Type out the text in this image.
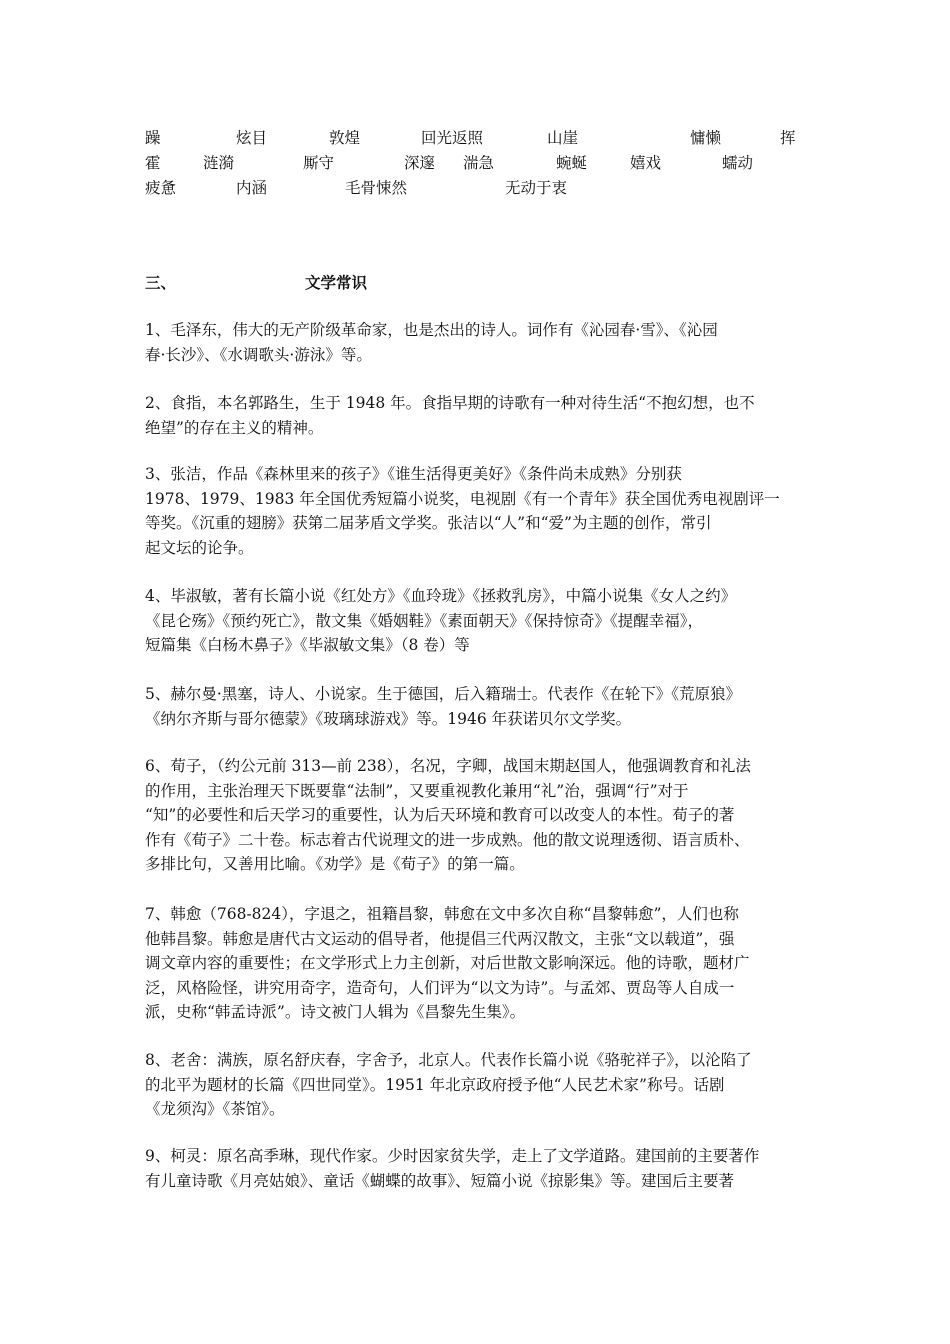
躁	炫目	敦煌	回光返照	山崖	慵懒	挥
霍	涟漪	厮守	深邃 湍急	蜿蜒	嬉戏	蠕动
疲惫	内涵	毛骨悚然	无动于衷
三、	文学常识
1、毛泽东，伟大的无产阶级革命家，也是杰出的诗人。词作有《沁园春·雪》、《沁园
春·长沙》、《水调歌头·游泳》等。
2、食指，本名郭路生，生于 1948 年。食指早期的诗歌有一种对待生活“不抱幻想，也不
绝望”的存在主义的精神。
3、张洁，作品《森林里来的孩子》《谁生活得更美好》《条件尚未成熟》分别获
1978、1979、1983 年全国优秀短篇小说奖，电视剧《有一个青年》获全国优秀电视剧评一
等奖。《沉重的翅膀》获第二届茅盾文学奖。张洁以“人”和“爱”为主题的创作，常引
起文坛的论争。
4、毕淑敏，著有长篇小说《红处方》《血玲珑》《拯救乳房》，中篇小说集《女人之约》
《昆仑殇》《预约死亡》，散文集《婚姻鞋》《素面朝天》《保持惊奇》《提醒幸福》，
短篇集《白杨木鼻子》《毕淑敏文集》（8 卷）等
5、赫尔曼·黑塞，诗人、小说家。生于德国，后入籍瑞士。代表作《在轮下》《荒原狼》
《纳尔齐斯与哥尔德蒙》《玻璃球游戏》等。1946 年获诺贝尔文学奖。
6、荀子，（约公元前 313—前 238），名况，字卿，战国末期赵国人，他强调教育和礼法
的作用，主张治理天下既要靠“法制”，又要重视教化兼用“礼”治，强调“行”对于
“知”的必要性和后天学习的重要性，认为后天环境和教育可以改变人的本性。荀子的著
作有《荀子》二十卷。标志着古代说理文的进一步成熟。他的散文说理透彻、语言质朴、
多排比句，又善用比喻。《劝学》是《荀子》的第一篇。
7、韩愈（768-824），字退之，祖籍昌黎，韩愈在文中多次自称“昌黎韩愈”，人们也称
他韩昌黎。韩愈是唐代古文运动的倡导者，他提倡三代两汉散文，主张“文以载道”，强
调文章内容的重要性；在文学形式上力主创新，对后世散文影响深远。他的诗歌，题材广
泛，风格险怪，讲究用奇字，造奇句，人们评为“以文为诗”。与孟郊、贾岛等人自成一
派，史称“韩孟诗派”。诗文被门人辑为《昌黎先生集》。
8、老舍：满族，原名舒庆春，字舍予，北京人。代表作长篇小说《骆驼祥子》，以沦陷了
的北平为题材的长篇《四世同堂》。1951 年北京政府授予他“人民艺术家”称号。话剧
《龙须沟》《茶馆》。
9、柯灵：原名高季琳，现代作家。少时因家贫失学，走上了文学道路。建国前的主要著作
有儿童诗歌《月亮姑娘》、童话《蝴蝶的故事》、短篇小说《掠影集》等。建国后主要著
